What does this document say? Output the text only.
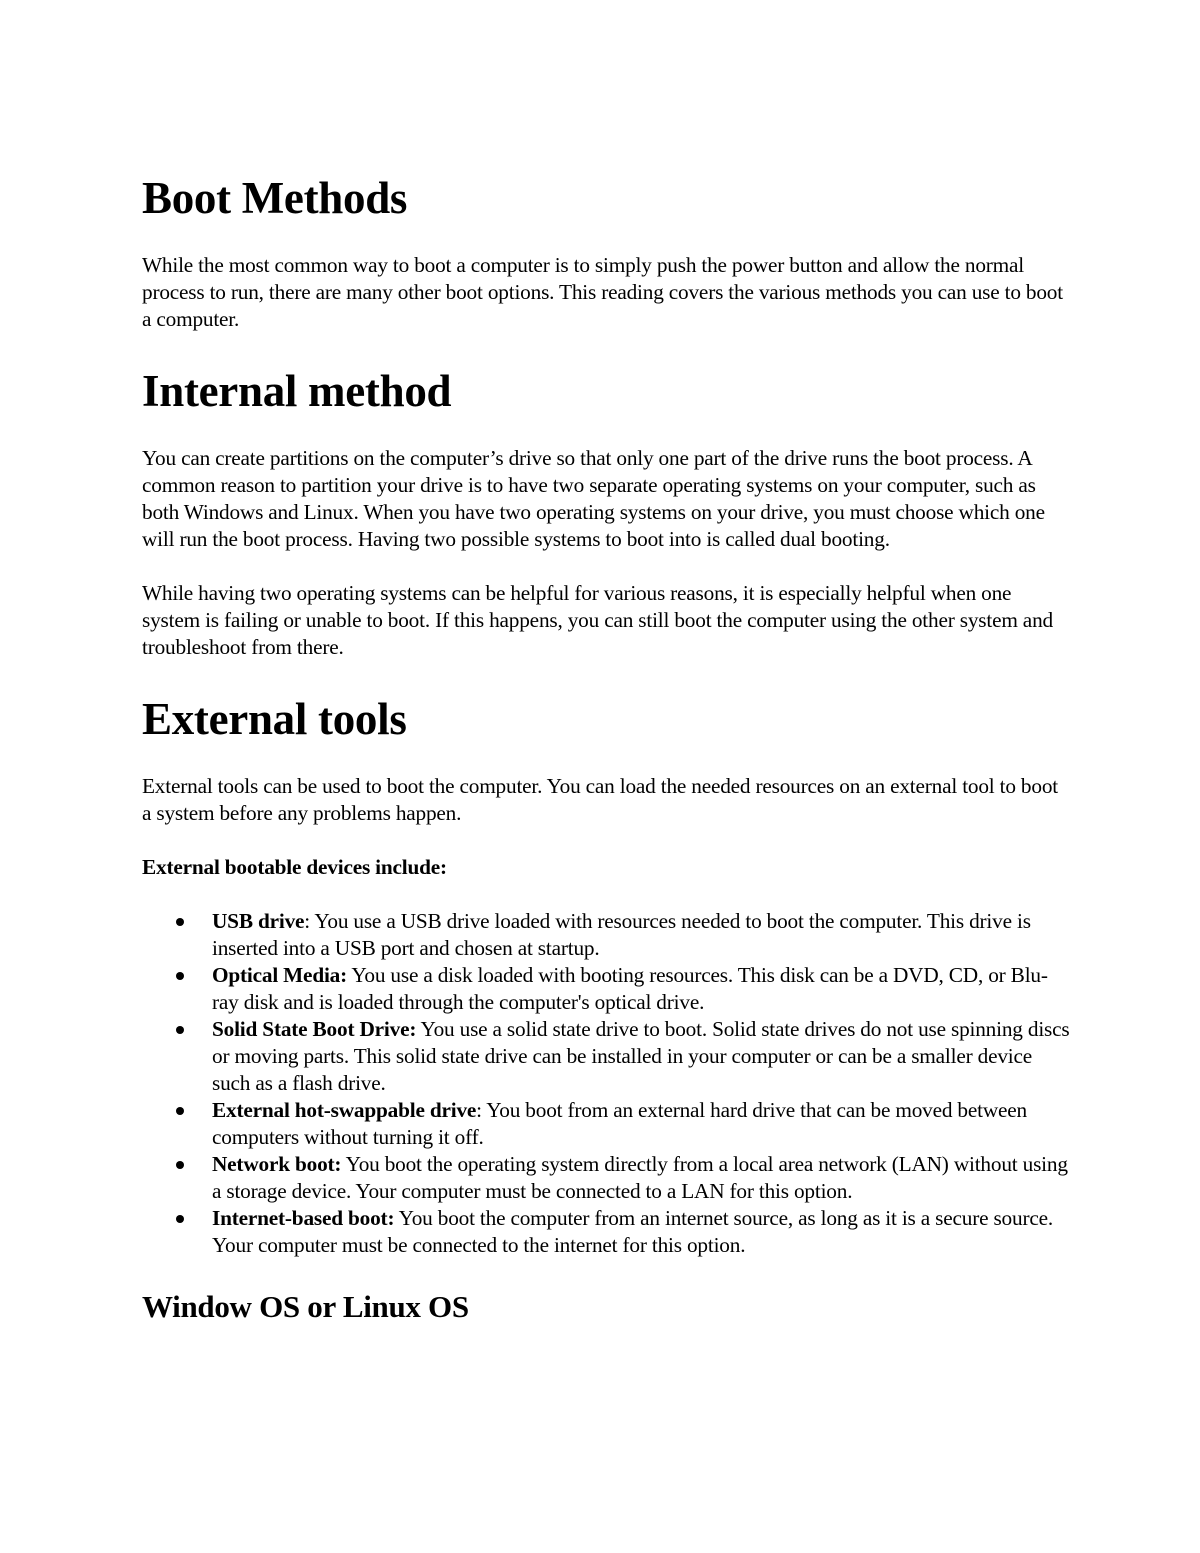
Boot Methods

While the most common way to boot a computer is to simply push the power button and allow the normal process to run, there are many other boot options. This reading covers the various methods you can use to boot a computer.

Internal method

You can create partitions on the computer’s drive so that only one part of the drive runs the boot process. A common reason to partition your drive is to have two separate operating systems on your computer, such as both Windows and Linux. When you have two operating systems on your drive, you must choose which one will run the boot process. Having two possible systems to boot into is called dual booting.

While having two operating systems can be helpful for various reasons, it is especially helpful when one system is failing or unable to boot. If this happens, you can still boot the computer using the other system and troubleshoot from there.

External tools

External tools can be used to boot the computer. You can load the needed resources on an external tool to boot a system before any problems happen.

External bootable devices include:

USB drive: You use a USB drive loaded with resources needed to boot the computer. This drive is inserted into a USB port and chosen at startup.
Optical Media: You use a disk loaded with booting resources. This disk can be a DVD, CD, or Blu-ray disk and is loaded through the computer's optical drive.
Solid State Boot Drive: You use a solid state drive to boot. Solid state drives do not use spinning discs or moving parts. This solid state drive can be installed in your computer or can be a smaller device such as a flash drive.
External hot-swappable drive: You boot from an external hard drive that can be moved between computers without turning it off.
Network boot: You boot the operating system directly from a local area network (LAN) without using a storage device. Your computer must be connected to a LAN for this option.
Internet-based boot: You boot the computer from an internet source, as long as it is a secure source. Your computer must be connected to the internet for this option.
Window OS or Linux OS
